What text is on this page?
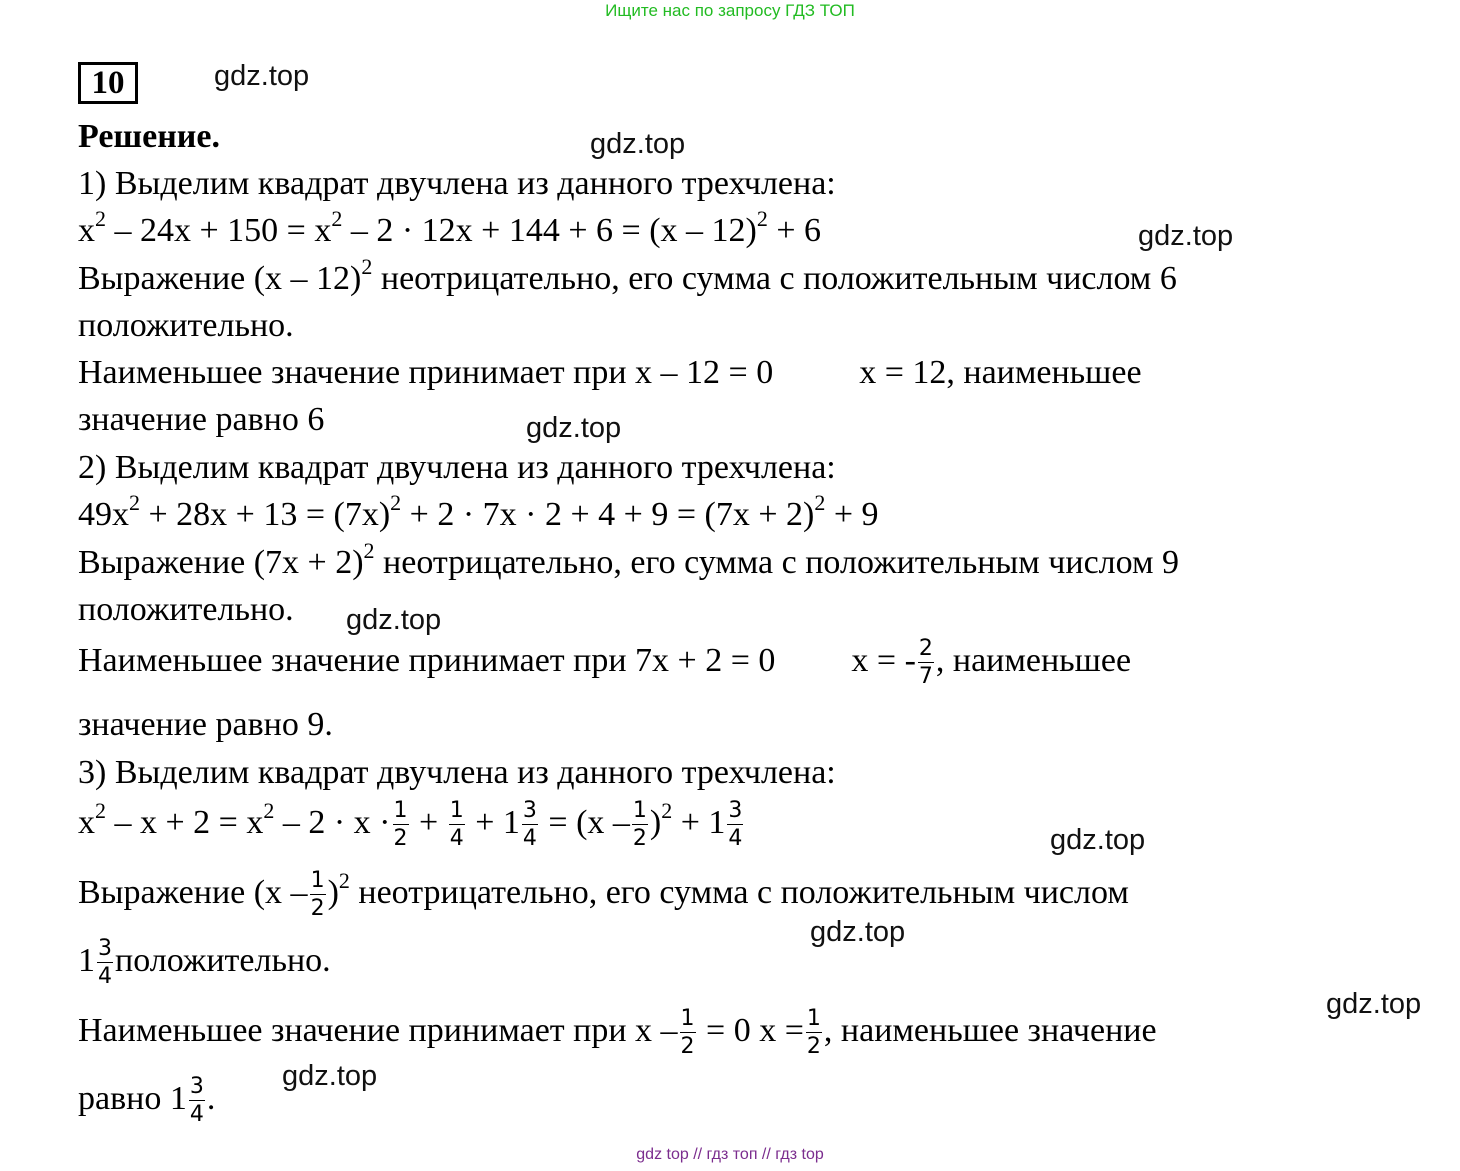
Ищите нас по запросу ГДЗ ТОП
10	gdz.top
gdz.top
gdz.top
gdz.top
gdz.top
gdz.top
gdz.top
gdz.top
gdz.top
Решение.
1) Выделим квадрат двучлена из данного трехчлена:
$x^2 - 24x + 150 = x^2 - 2 \cdot 12x + 144 + 6 = (x - 12)^2 + 6$
Выражение (x – 12)$^2$ неотрицательно, его сумма с положительным числом 6
положительно.
Наименьшее значение принимает при x – 12 = 0	x = 12, наименьшее
значение равно 6
2) Выделим квадрат двучлена из данного трехчлена:
$49x^2 + 28x + 13 = (7x)^2 + 2 \cdot 7x \cdot 2 + 4 + 9 = (7x + 2)^2 + 9$
Выражение $(7x + 2)^2$ неотрицательно, его сумма с положительным числом 9
положительно.
Наименьшее значение принимает при 7x + 2 = 0 x = - $\frac{2}{7}$ , наименьшее
значение равно 9.
3) Выделим квадрат двучлена из данного трехчлена:
$x^2 - x + 2 = x^2 - 2 \cdot x \cdot \frac{1}{2} + \frac{1}{4} + 1 \frac{3}{4} = (x - \frac{1}{2} )^2 + 1 \frac{3}{4}$
Выражение $(x - \frac{1}{2} )^2$ неотрицательно, его сумма с положительным числом
$1 \frac{3}{4}$ положительно.
Наименьшее значение принимает при $x - \frac{1}{2} = 0$ $x = \frac{1}{2}$ , наименьшее значение
равно $1 \frac{3}{4}$ .
gdz top // гдз топ // гдз top
